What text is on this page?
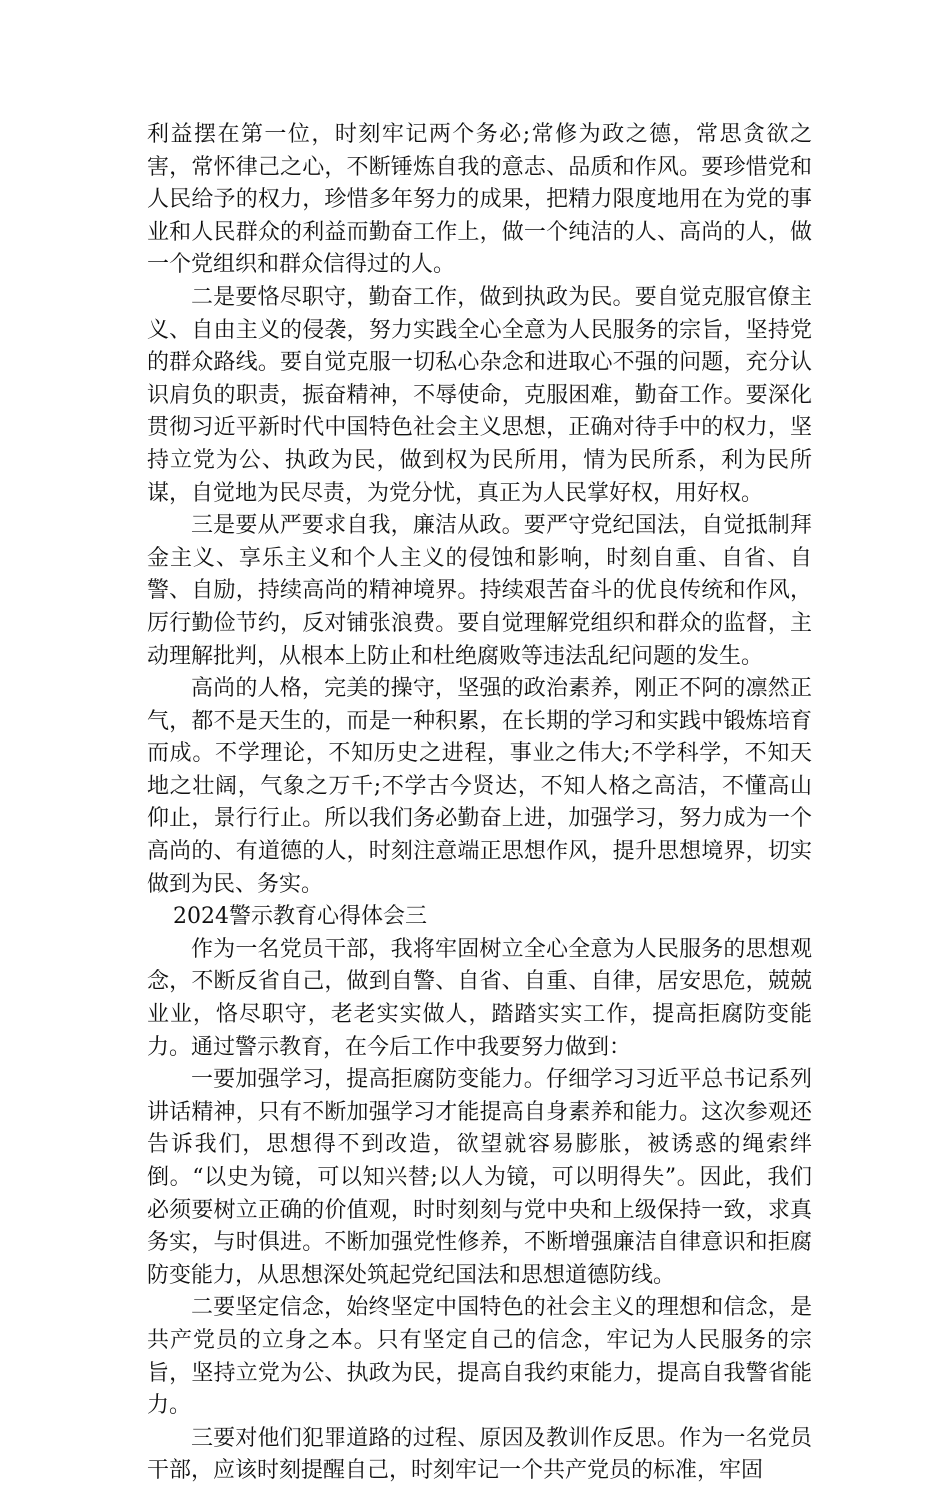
利益摆在第一位，时刻牢记两个务必;常修为政之德，常思贪欲之害，常怀律己之心，不断锤炼自我的意志、品质和作风。要珍惜党和人民给予的权力，珍惜多年努力的成果，把精力限度地用在为党的事业和人民群众的利益而勤奋工作上，做一个纯洁的人、高尚的人，做一个党组织和群众信得过的人。

二是要恪尽职守，勤奋工作，做到执政为民。要自觉克服官僚主义、自由主义的侵袭，努力实践全心全意为人民服务的宗旨，坚持党的群众路线。要自觉克服一切私心杂念和进取心不强的问题，充分认识肩负的职责，振奋精神，不辱使命，克服困难，勤奋工作。要深化贯彻习近平新时代中国特色社会主义思想，正确对待手中的权力，坚持立党为公、执政为民，做到权为民所用，情为民所系，利为民所谋，自觉地为民尽责，为党分忧，真正为人民掌好权，用好权。

三是要从严要求自我，廉洁从政。要严守党纪国法，自觉抵制拜金主义、享乐主义和个人主义的侵蚀和影响，时刻自重、自省、自警、自励，持续高尚的精神境界。持续艰苦奋斗的优良传统和作风，厉行勤俭节约，反对铺张浪费。要自觉理解党组织和群众的监督，主动理解批判，从根本上防止和杜绝腐败等违法乱纪问题的发生。

高尚的人格，完美的操守，坚强的政治素养，刚正不阿的凛然正气，都不是天生的，而是一种积累，在长期的学习和实践中锻炼培育而成。不学理论，不知历史之进程，事业之伟大;不学科学，不知天地之壮阔，气象之万千;不学古今贤达，不知人格之高洁，不懂高山仰止，景行行止。所以我们务必勤奋上进，加强学习，努力成为一个高尚的、有道德的人，时刻注意端正思想作风，提升思想境界，切实做到为民、务实。

2024警示教育心得体会三

作为一名党员干部，我将牢固树立全心全意为人民服务的思想观念，不断反省自己，做到自警、自省、自重、自律，居安思危，兢兢业业，恪尽职守，老老实实做人，踏踏实实工作，提高拒腐防变能力。通过警示教育，在今后工作中我要努力做到：

一要加强学习，提高拒腐防变能力。仔细学习习近平总书记系列讲话精神，只有不断加强学习才能提高自身素养和能力。这次参观还告诉我们，思想得不到改造，欲望就容易膨胀，被诱惑的绳索绊倒。“以史为镜，可以知兴替;以人为镜，可以明得失”。因此，我们必须要树立正确的价值观，时时刻刻与党中央和上级保持一致，求真务实，与时俱进。不断加强党性修养，不断增强廉洁自律意识和拒腐防变能力，从思想深处筑起党纪国法和思想道德防线。

二要坚定信念，始终坚定中国特色的社会主义的理想和信念，是共产党员的立身之本。只有坚定自己的信念，牢记为人民服务的宗旨，坚持立党为公、执政为民，提高自我约束能力，提高自我警省能力。

三要对他们犯罪道路的过程、原因及教训作反思。作为一名党员干部，应该时刻提醒自己，时刻牢记一个共产党员的标准，牢固
